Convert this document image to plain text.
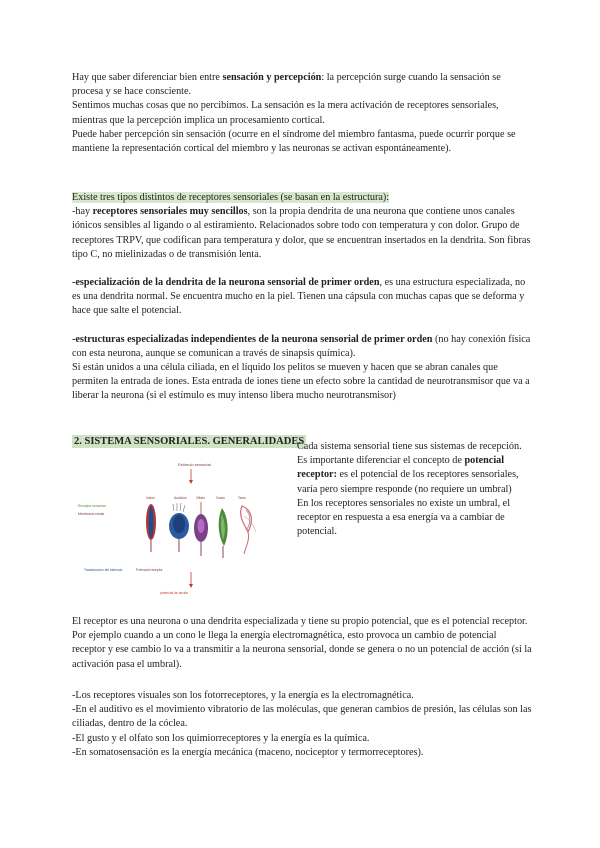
Hay que saber diferenciar bien entre sensación y percepción: la percepción surge cuando la sensación se procesa y se hace consciente.

Sentimos muchas cosas que no percibimos. La sensación es la mera activación de receptores sensoriales, mientras que la percepción implica un procesamiento cortical.

Puede haber percepción sin sensación (ocurre en el síndrome del miembro fantasma, puede ocurrir porque se mantiene la representación cortical del miembro y las neuronas se activan espontáneamente).

Existe tres tipos distintos de receptores sensoriales (se basan en la estructura):

-hay receptores sensoriales muy sencillos, son la propia dendrita de una neurona que contiene unos canales iónicos sensibles al ligando o al estiramiento. Relacionados sobre todo con temperatura y con dolor. Grupo de receptores TRPV, que codifican para temperatura y dolor, que se encuentran insertados en la dendrita. Son fibras tipo C, no mielinizadas o de transmisión lenta.

-especialización de la dendrita de la neurona sensorial de primer orden, es una estructura especializada, no es una dendrita normal. Se encuentra mucho en la piel. Tienen una cápsula con muchas capas que se deforma y hace que salte el potencial.

-estructuras especializadas independientes de la neurona sensorial de primer orden (no hay conexión física con esta neurona, aunque se comunican a través de sinapsis química).

Si están unidos a una célula ciliada, en el líquido los pelitos se mueven y hacen que se abran canales que permiten la entrada de iones. Esta entrada de iones tiene un efecto sobre la cantidad de neurotransmisor que va a liberar la neurona (si el estímulo es muy intenso libera mucho neurotransmisor)

2. SISTEMA SENSORIALES. GENERALIDADES
Estímulo sensorial
Receptor sensorial
Membrana celular
Transducción del estímulo	Potencial receptor
potencial de acción
Visión	Audición	Olfato	Gusto	Tacto

Cada sistema sensorial tiene sus sistemas de recepción.

Es importante diferenciar el concepto de potencial receptor: es el potencial de los receptores sensoriales, varía pero siempre responde (no requiere un umbral)

En los receptores sensoriales no existe un umbral, el receptor en respuesta a esa energía va a cambiar de potencial.

El receptor es una neurona o una dendrita especializada y tiene su propio potencial, que es el potencial receptor. Por ejemplo cuando a un cono le llega la energía electromagnética, esto provoca un cambio de potencial receptor y ese cambio lo va a transmitir a la neurona sensorial, donde se genera o no un potencial de acción (si la activación pasa el umbral).

-Los receptores visuales son los fotorreceptores, y la energía es la electromagnética.

-En el auditivo es el movimiento vibratorio de las moléculas, que generan cambios de presión, las células son las ciliadas, dentro de la cóclea.

-El gusto y el olfato son los quimiorreceptores y la energía es la química.

-En somatosensación es la energía mecánica (maceno, nociceptor y termorreceptores).
